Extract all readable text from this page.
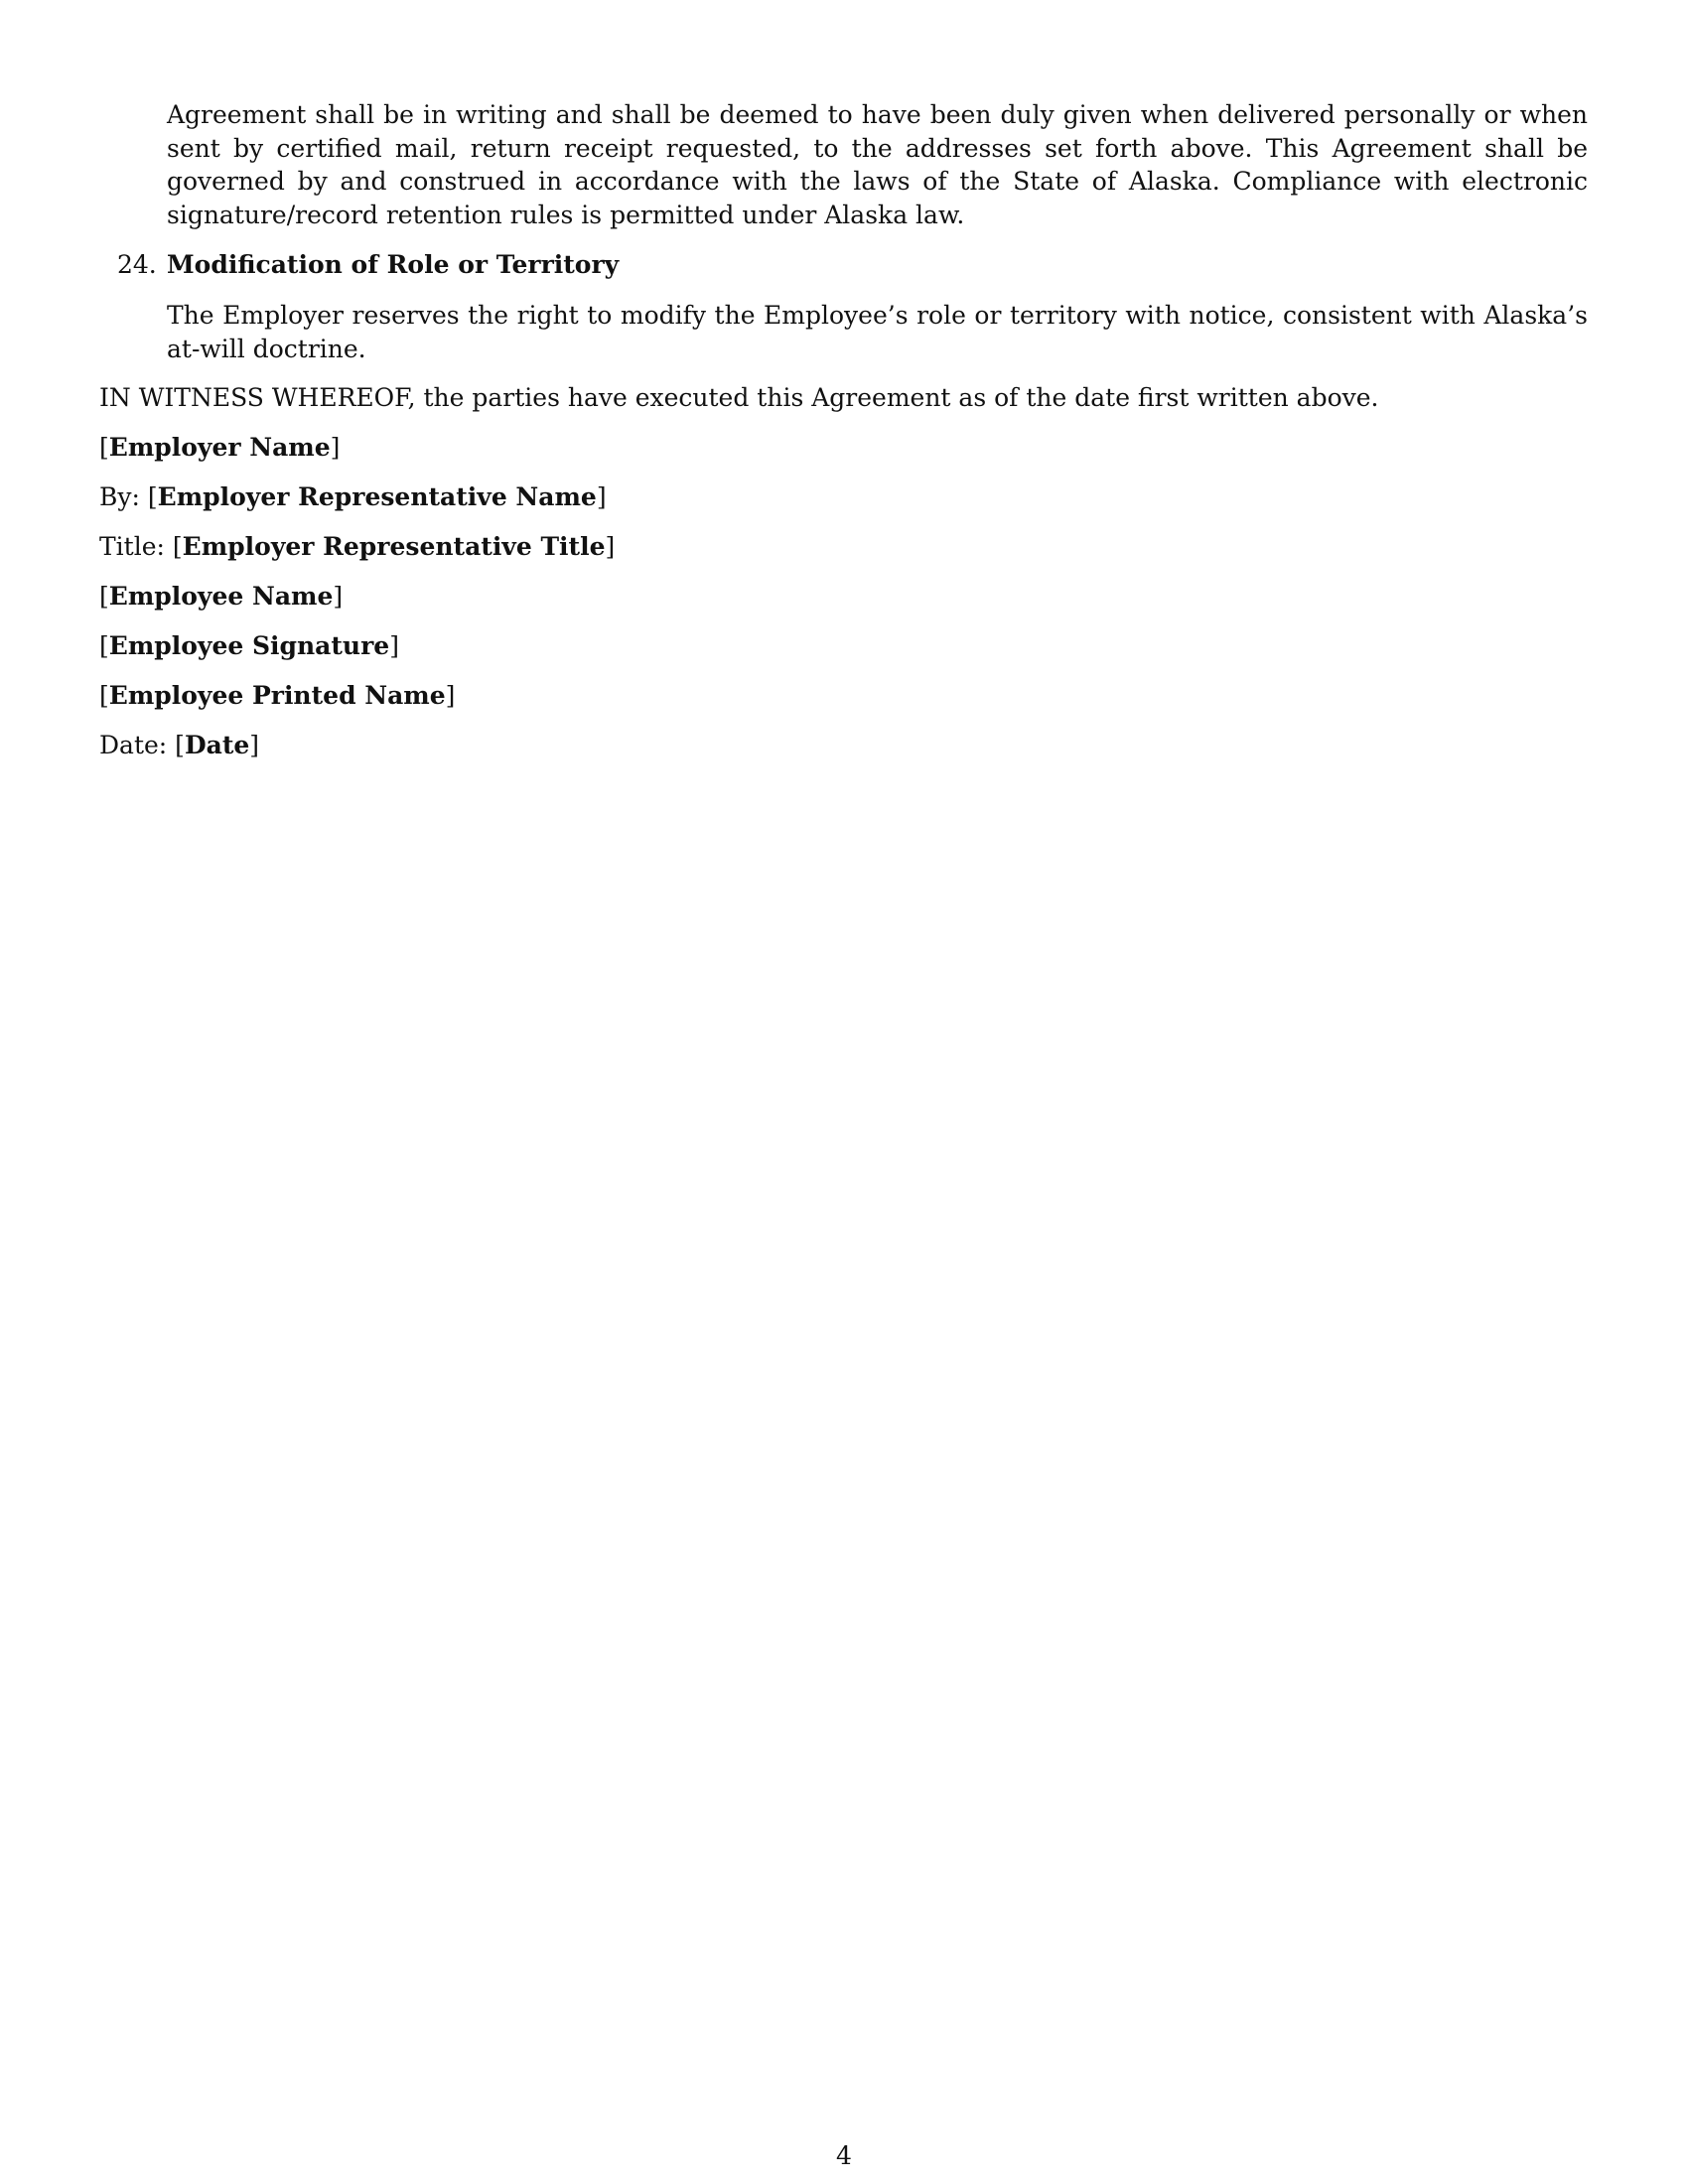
Agreement shall be in writing and shall be deemed to have been duly given when delivered personally or when sent by certified mail, return receipt requested, to the addresses set forth above. This Agreement shall be governed by and construed in accordance with the laws of the State of Alaska. Compliance with electronic signature/record retention rules is permitted under Alaska law.

24. Modification of Role or Territory

The Employer reserves the right to modify the Employee’s role or territory with notice, consistent with Alaska’s at-will doctrine.

IN WITNESS WHEREOF, the parties have executed this Agreement as of the date first written above.
[Employer Name]
By: [Employer Representative Name]
Title: [Employer Representative Title]
[Employee Name]
[Employee Signature]
[Employee Printed Name]
Date: [Date]
4
